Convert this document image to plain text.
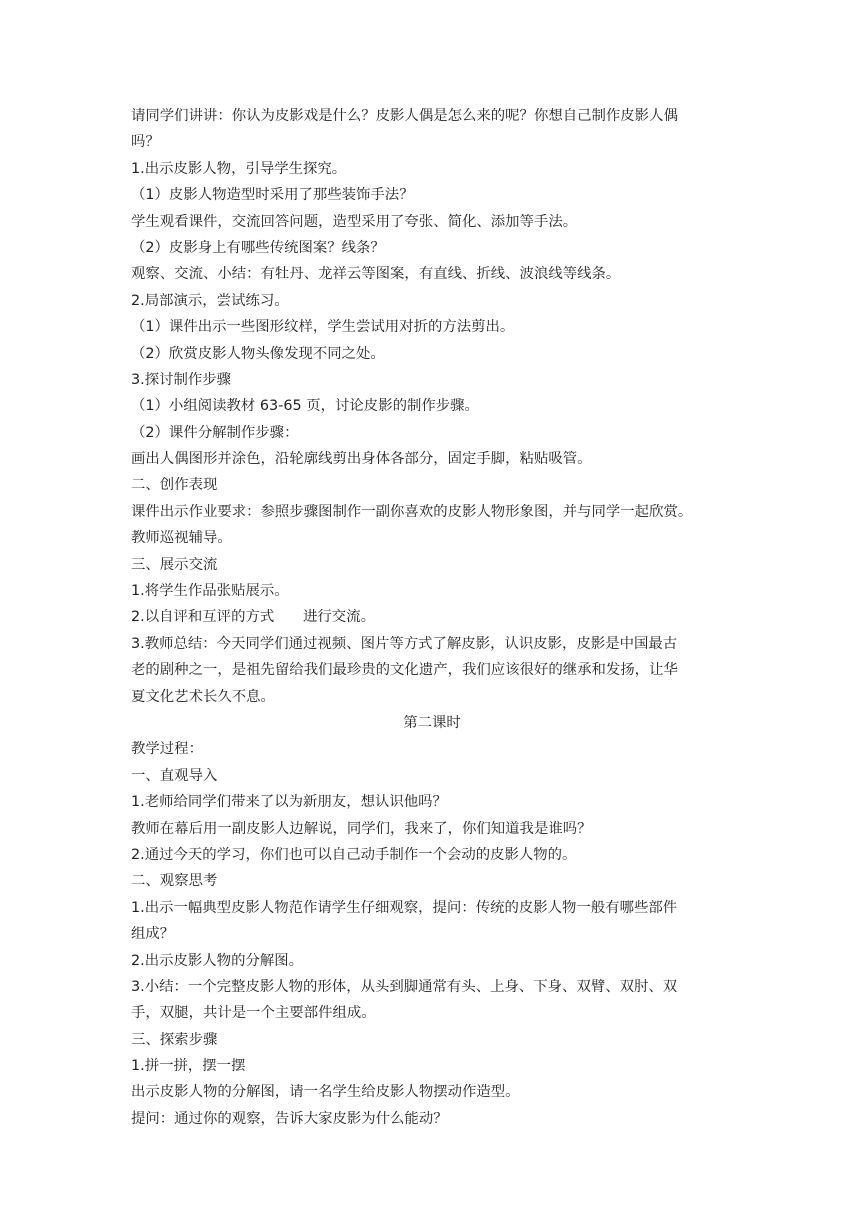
请同学们讲讲：你认为皮影戏是什么？皮影人偶是怎么来的呢？你想自己制作皮影人偶
吗？
1.出示皮影人物，引导学生探究。
（1）皮影人物造型时采用了那些装饰手法？
学生观看课件，交流回答问题，造型采用了夸张、简化、添加等手法。
（2）皮影身上有哪些传统图案？线条？
观察、交流、小结：有牡丹、龙祥云等图案，有直线、折线、波浪线等线条。
2.局部演示，尝试练习。
（1）课件出示一些图形纹样，学生尝试用对折的方法剪出。
（2）欣赏皮影人物头像发现不同之处。
3.探讨制作步骤
（1）小组阅读教材 63-65 页，讨论皮影的制作步骤。
（2）课件分解制作步骤：
画出人偶图形并涂色，沿轮廓线剪出身体各部分，固定手脚，粘贴吸管。
二、创作表现
课件出示作业要求：参照步骤图制作一副你喜欢的皮影人物形象图，并与同学一起欣赏。
教师巡视辅导。
三、展示交流
1.将学生作品张贴展示。
2.以自评和互评的方式　　进行交流。
3.教师总结：今天同学们通过视频、图片等方式了解皮影，认识皮影，皮影是中国最古
老的剧种之一，是祖先留给我们最珍贵的文化遗产，我们应该很好的继承和发扬，让华
夏文化艺术长久不息。
第二课时
教学过程：
一、直观导入
1.老师给同学们带来了以为新朋友，想认识他吗？
教师在幕后用一副皮影人边解说，同学们，我来了，你们知道我是谁吗？
2.通过今天的学习，你们也可以自己动手制作一个会动的皮影人物的。
二、观察思考
1.出示一幅典型皮影人物范作请学生仔细观察，提问：传统的皮影人物一般有哪些部件
组成？
2.出示皮影人物的分解图。
3.小结：一个完整皮影人物的形体，从头到脚通常有头、上身、下身、双臂、双肘、双
手，双腿，共计是一个主要部件组成。
三、探索步骤
1.拼一拼，摆一摆
出示皮影人物的分解图，请一名学生给皮影人物摆动作造型。
提问：通过你的观察，告诉大家皮影为什么能动？
